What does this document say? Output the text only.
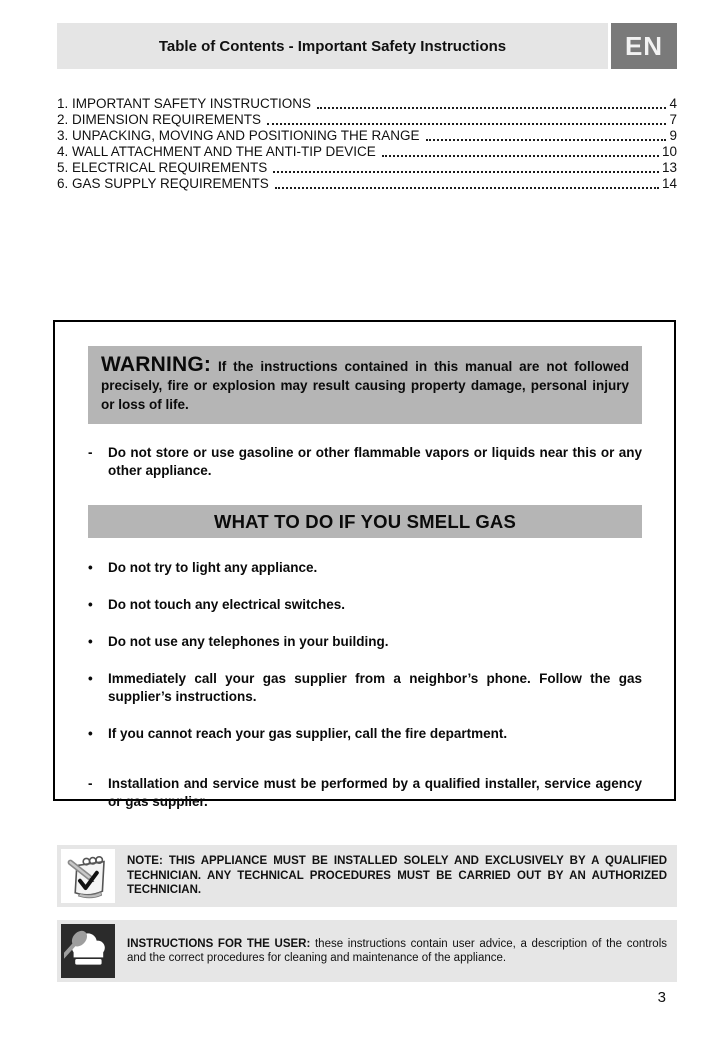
Table of Contents - Important Safety Instructions	EN
1. IMPORTANT SAFETY INSTRUCTIONS	4
2. DIMENSION REQUIREMENTS	7
3. UNPACKING, MOVING AND POSITIONING THE RANGE	9
4. WALL ATTACHMENT AND THE ANTI-TIP DEVICE	10
5. ELECTRICAL REQUIREMENTS	13
6. GAS SUPPLY REQUIREMENTS	14
WARNING: If the instructions contained in this manual are not followed precisely, fire or explosion may result causing property damage, personal injury or loss of life.
-	Do not store or use gasoline or other flammable vapors or liquids near this or any other appliance.
WHAT TO DO IF YOU SMELL GAS
•	Do not try to light any appliance.
•	Do not touch any electrical switches.
•	Do not use any telephones in your building.
•	Immediately call your gas supplier from a neighbor’s phone. Follow the gas supplier’s instructions.
•	If you cannot reach your gas supplier, call the fire department.
-	Installation and service must be performed by a qualified installer, service agency or gas supplier.
NOTE: THIS APPLIANCE MUST BE INSTALLED SOLELY AND EXCLUSIVELY BY A QUALIFIED TECHNICIAN. ANY TECHNICAL PROCEDURES MUST BE CARRIED OUT BY AN AUTHORIZED TECHNICIAN.
INSTRUCTIONS FOR THE USER: these instructions contain user advice, a description of the controls and the correct procedures for cleaning and maintenance of the appliance.
3
